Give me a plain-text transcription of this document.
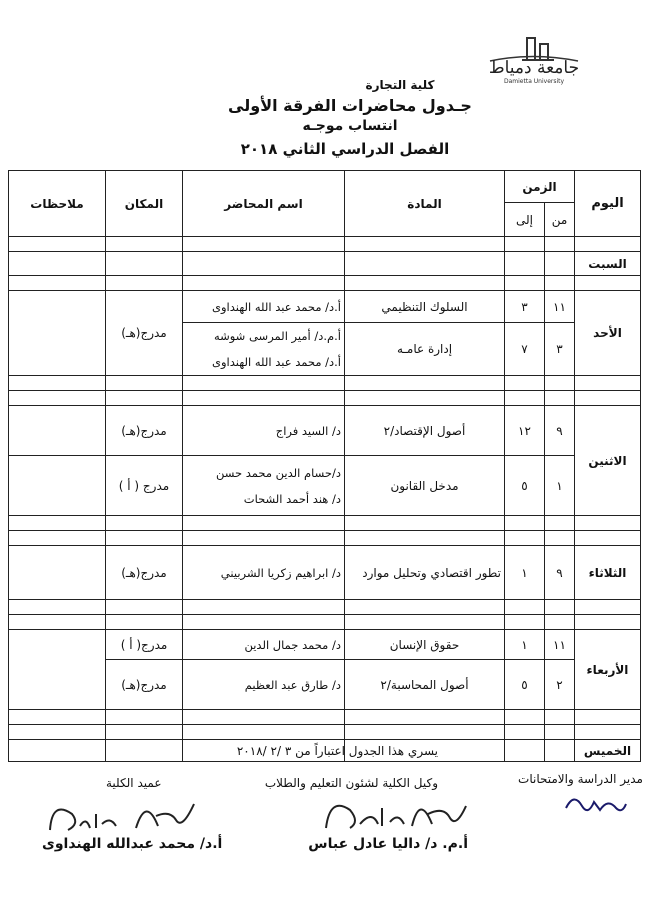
جامعة دمياط
Damietta University
كلية التجارة
جـدول محاضرات الفرقة الأولى
انتساب موجـه
الفصل الدراسي الثاني ٢٠١٨
اليوم	الزمن		المادة	اسم المحاضر	المكان	ملاحظات
	من	إلى				

السبت						

الأحد	١١	٣	السلوك التنظيمي	أ.د/ محمد عبد الله الهنداوى	مدرج(هـ)	
	٣	٧	إدارة عامـه	أ.م.د/ أمير المرسى شوشه
أ.د/ محمد عبد الله الهنداوى		

الاثنين	٩	١٢	أصول الإقتصاد/٢	د/ السيد فراج	مدرج(هـ)	
	١	٥	مدخل القانون	د/حسام الدين محمد حسن
د/ هند أحمد الشحات	مدرج ( أ )	

الثلاثاء	٩	١	تطور اقتصادي وتحليل موارد	د/ ابراهيم زكريا الشربيني	مدرج(هـ)	

الأربعاء	١١	١	حقوق الإنسان	د/ محمد جمال الدين	مدرج( أ )	
	٢	٥	أصول المحاسبة/٢	د/ طارق عبد العظيم	مدرج(هـ)	

الخميس						
يسري هذا الجدول اعتباراً من ٣ /٢ /٢٠١٨
مدير الدراسة والامتحانات
وكيل الكلية لشئون التعليم والطلاب
عميد الكلية
أ.م. د/ داليا عادل عباس
أ.د/ محمد عبدالله الهنداوى
